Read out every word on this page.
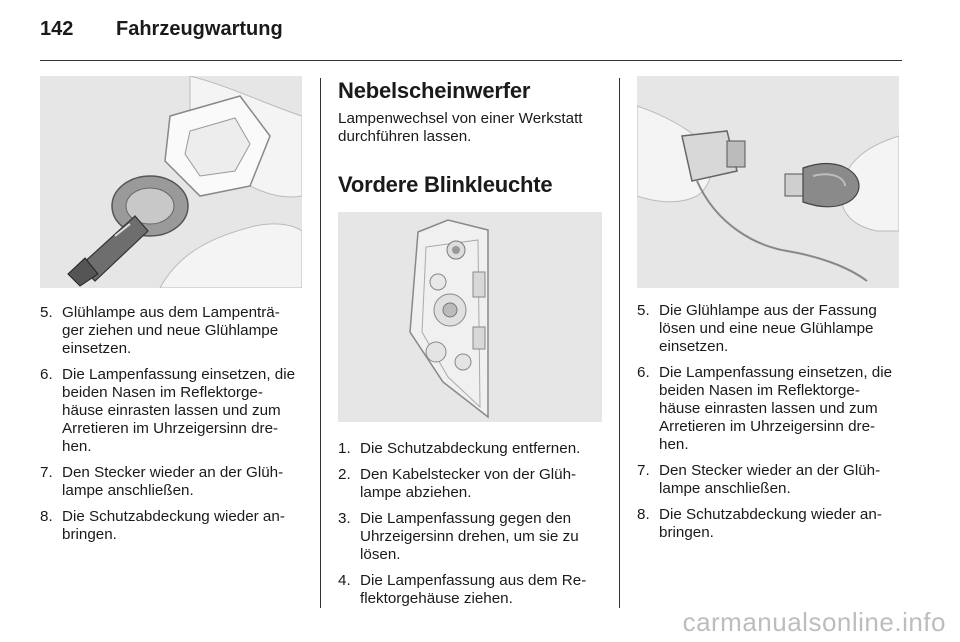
142	Fahrzeugwartung
5. Glühlampe aus dem Lampenträ- ger ziehen und neue Glühlampe einsetzen.
6. Die Lampenfassung einsetzen, die beiden Nasen im Reflektorge- häuse einrasten lassen und zum Arretieren im Uhrzeigersinn dre- hen.
7. Den Stecker wieder an der Glüh- lampe anschließen.
8. Die Schutzabdeckung wieder an- bringen.
Nebelscheinwerfer

Lampenwechsel von einer Werkstatt durchführen lassen.

Vordere Blinkleuchte
1. Die Schutzabdeckung entfernen.
2. Den Kabelstecker von der Glüh- lampe abziehen.
3. Die Lampenfassung gegen den Uhrzeigersinn drehen, um sie zu lösen.
4. Die Lampenfassung aus dem Re- flektorgehäuse ziehen.
5. Die Glühlampe aus der Fassung lösen und eine neue Glühlampe einsetzen.
6. Die Lampenfassung einsetzen, die beiden Nasen im Reflektorge- häuse einrasten lassen und zum Arretieren im Uhrzeigersinn dre- hen.
7. Den Stecker wieder an der Glüh- lampe anschließen.
8. Die Schutzabdeckung wieder an- bringen.
carmanualsonline.info
